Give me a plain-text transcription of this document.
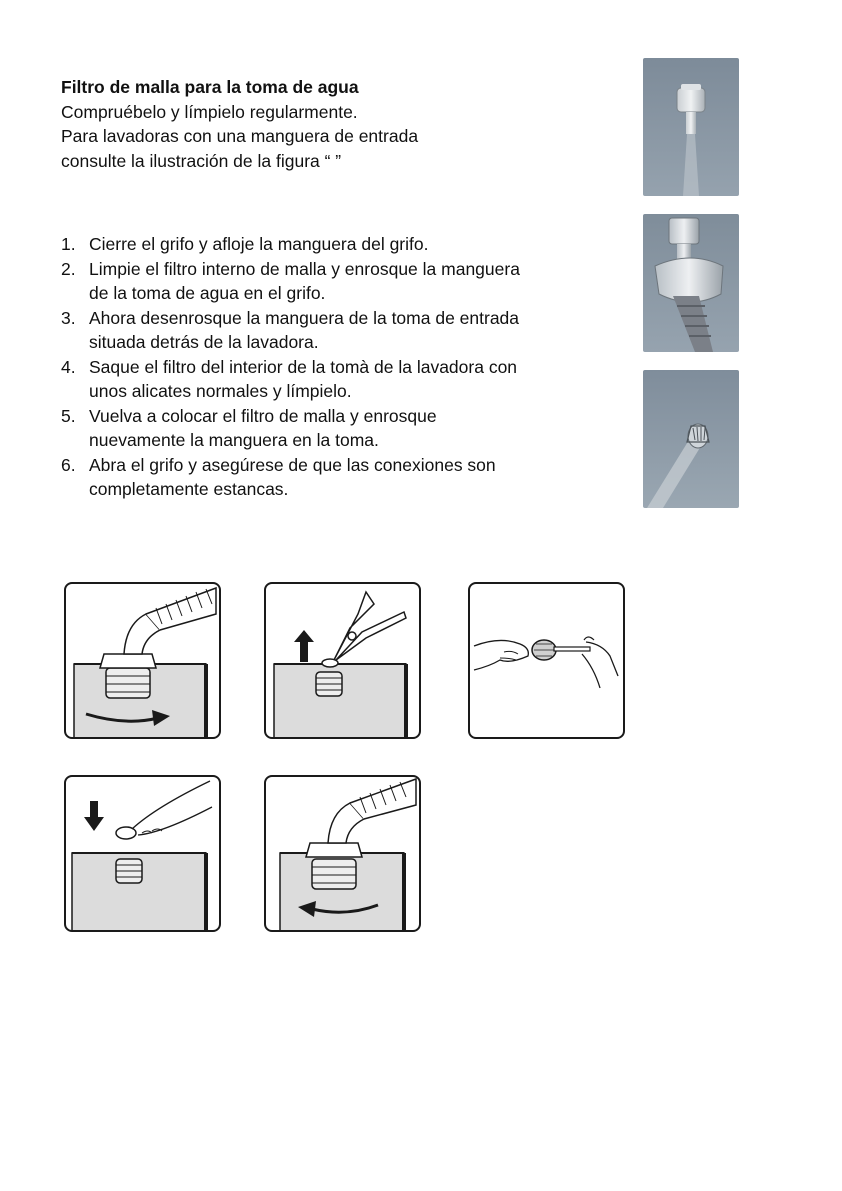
Filtro de malla para la toma de agua
Compruébelo y límpielo regularmente.
Para lavadoras con una manguera de entrada
consulte la ilustración de la figura “ ”
1. Cierre el grifo y afloje la manguera del grifo.
2. Limpie el filtro interno de malla y enrosque la manguera de la toma de agua en el grifo.
3. Ahora desenrosque la manguera de la toma de entrada situada detrás de la lavadora.
4. Saque el filtro del interior de la tomà de la lavadora con unos alicates normales y límpielo.
5. Vuelva a colocar el filtro de malla y enrosque nuevamente la manguera en la toma.
6. Abra el grifo y asegúrese de que las conexiones son completamente estancas.
